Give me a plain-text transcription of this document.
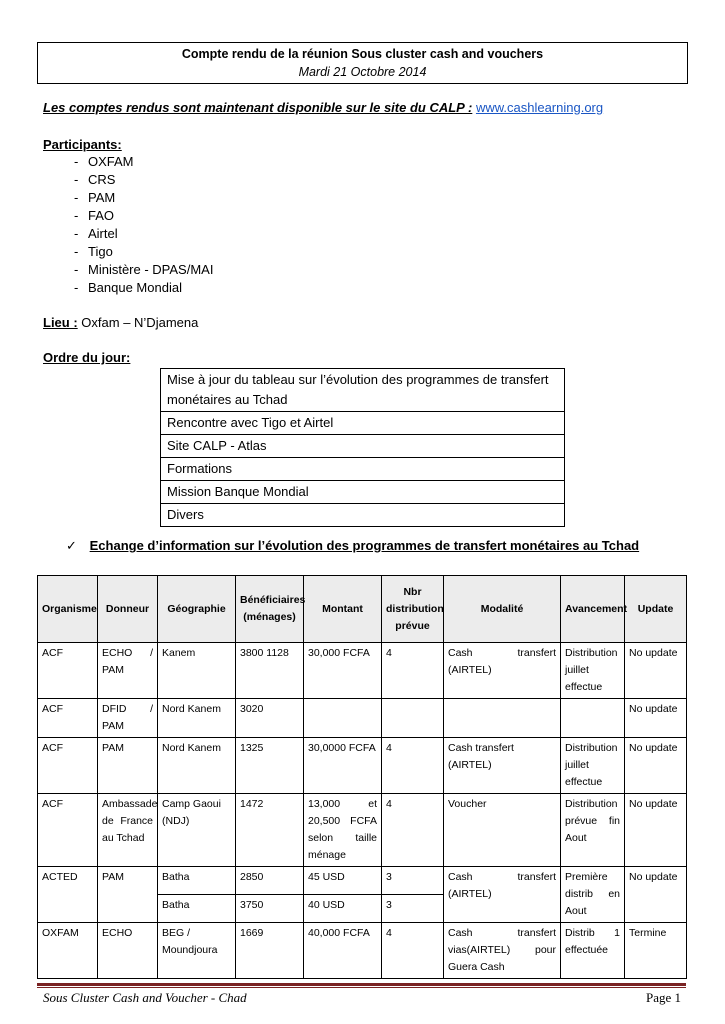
Compte rendu de la réunion Sous cluster cash and vouchers
Mardi 21 Octobre 2014
Les comptes rendus sont maintenant disponible sur le site du CALP : www.cashlearning.org
Participants:
- OXFAM
- CRS
- PAM
- FAO
- Airtel
- Tigo
- Ministère - DPAS/MAI
- Banque Mondial
Lieu : Oxfam – N’Djamena
Ordre du jour:
Mise à jour du tableau sur l’évolution des programmes de transfert monétaires au Tchad
Rencontre avec Tigo et Airtel
Site CALP - Atlas
Formations
Mission Banque Mondial
Divers
✓ Echange d’information sur l’évolution des programmes de transfert monétaires au Tchad
Organisme	Donneur	Géographie	Bénéficiaires (ménages)	Montant	Nbr distribution prévue	Modalité	Avancement	Update
ACF	ECHO / PAM	Kanem	3800 1128	30,000 FCFA	4	Cash transfert (AIRTEL)	Distribution juillet effectue	No update
ACF	DFID / PAM	Nord Kanem	3020					No update
ACF	PAM	Nord Kanem	1325	30,0000 FCFA	4	Cash transfert (AIRTEL)	Distribution juillet effectue	No update
ACF	Ambassade de France au Tchad	Camp Gaoui (NDJ)	1472	13,000 et 20,500 FCFA selon taille ménage	4	Voucher	Distribution prévue fin Aout	No update
ACTED	PAM	Batha	2850	45 USD	3	Cash transfert (AIRTEL)	Première distrib en Aout	No update
		Batha	3750	40 USD	3			
OXFAM	ECHO	BEG / Moundjoura	1669	40,000 FCFA	4	Cash transfert vias(AIRTEL) pour Guera Cash	Distrib 1 effectuée	Termine
Sous Cluster Cash and Voucher - Chad	Page 1
